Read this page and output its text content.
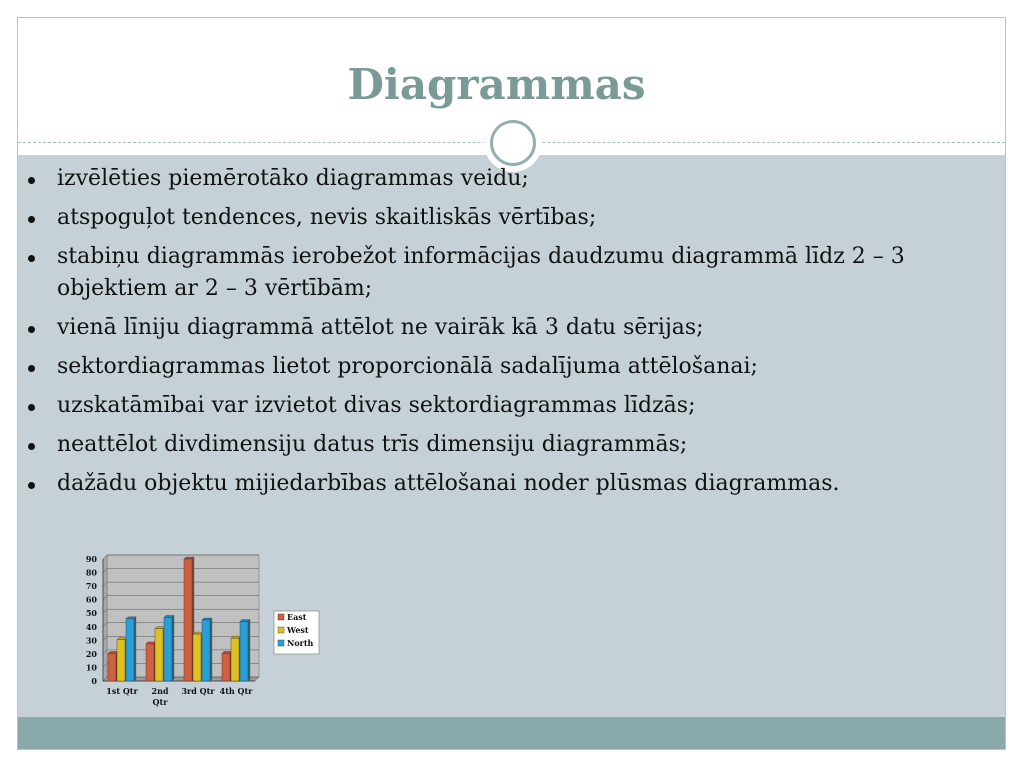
Diagrammas
izvēlēties piemērotāko diagrammas veidu;
atspoguļot tendences, nevis skaitliskās vērtības;
stabiņu diagrammās ierobežot informācijas daudzumu diagrammā līdz 2 – 3 objektiem ar 2 – 3 vērtībām;
vienā līniju diagrammā attēlot ne vairāk kā 3 datu sērijas;
sektordiagrammas lietot proporcionālā sadalījuma attēlošanai;
uzskatāmībai var izvietot divas sektordiagrammas līdzās;
neattēlot divdimensiju datus trīs dimensiju diagrammās;
dažādu objektu mijiedarbības attēlošanai noder plūsmas diagrammas.
0
10
20
30
40
50
60
70
80
90
1st Qtr 2nd Qtr
3rd Qtr 4th Qtr
East
West
North
